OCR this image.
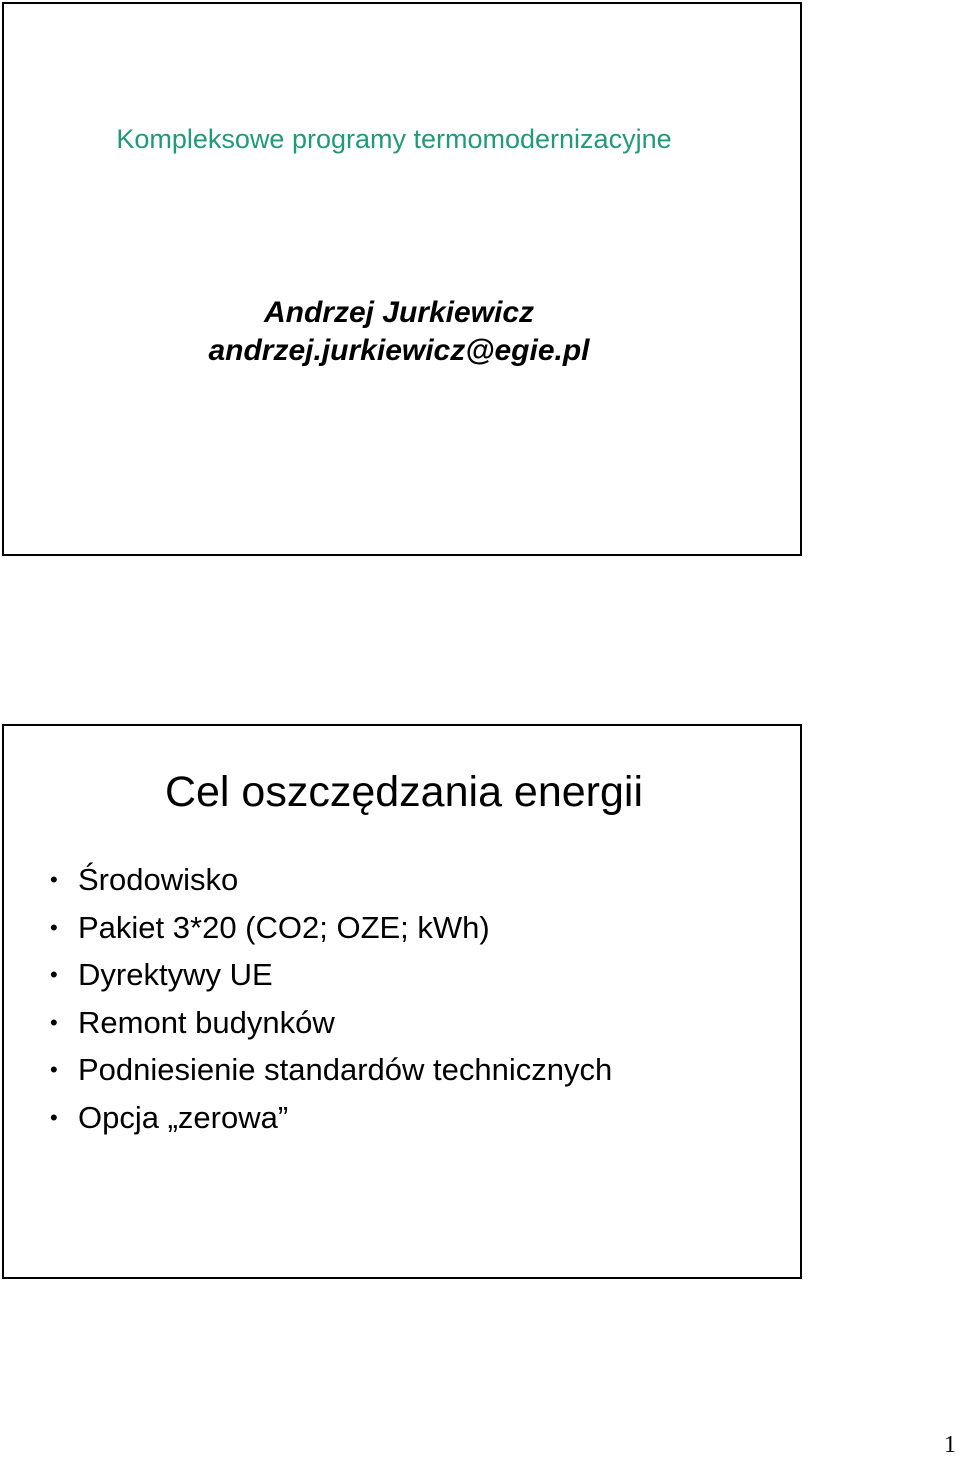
Kompleksowe programy termomodernizacyjne
Andrzej Jurkiewicz
andrzej.jurkiewicz@egie.pl
Cel oszczędzania energii
• Środowisko
• Pakiet 3*20 (CO2; OZE; kWh)
• Dyrektywy UE
• Remont budynków
• Podniesienie standardów technicznych
• Opcja „zerowa”
1
